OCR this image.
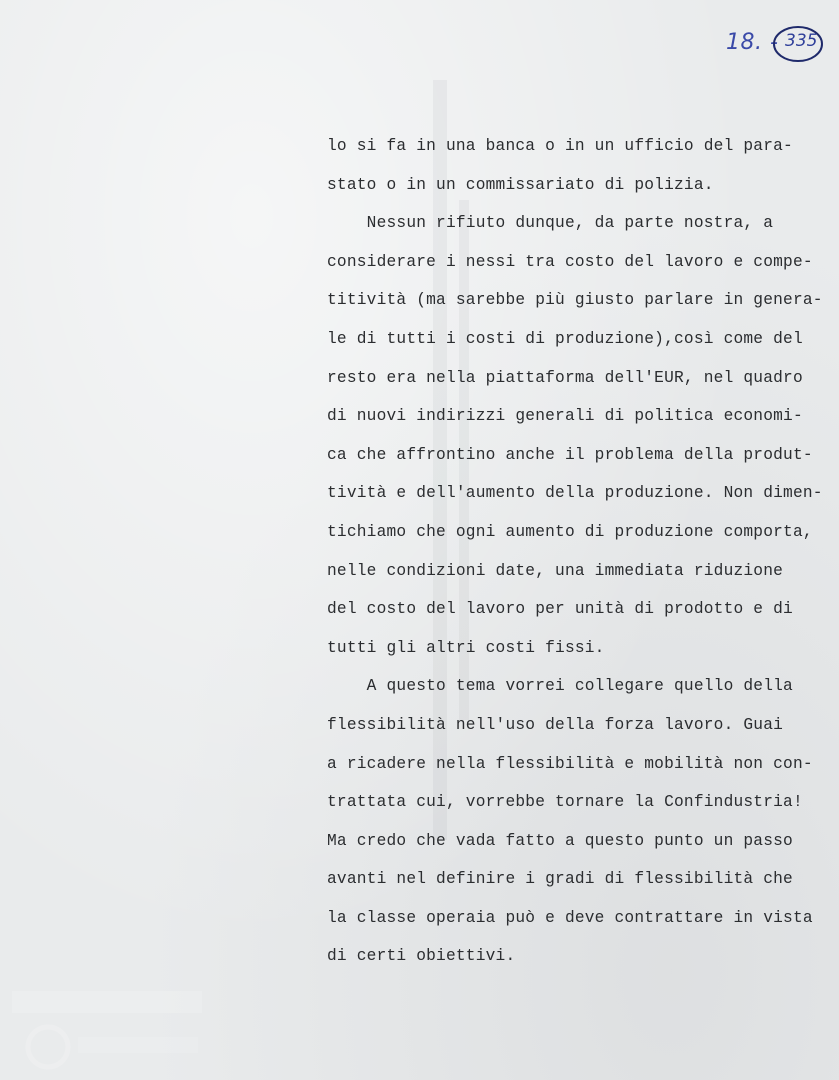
18. - 335
lo si fa in una banca o in un ufficio del para-
stato o in un commissariato di polizia.
Nessun rifiuto dunque, da parte nostra, a
considerare i nessi tra costo del lavoro e compe-
titività (ma sarebbe più giusto parlare in genera-
le di tutti i costi di produzione),così come del
resto era nella piattaforma dell'EUR, nel quadro
di nuovi indirizzi generali di politica economi-
ca che affrontino anche il problema della produt-
tività e dell'aumento della produzione. Non dimen-
tichiamo che ogni aumento di produzione comporta,
nelle condizioni date, una immediata riduzione
del costo del lavoro per unità di prodotto e di
tutti gli altri costi fissi.
A questo tema vorrei collegare quello della
flessibilità nell'uso della forza lavoro. Guai
a ricadere nella flessibilità e mobilità non con-
trattata cui, vorrebbe tornare la Confindustria!
Ma credo che vada fatto a questo punto un passo
avanti nel definire i gradi di flessibilità che
la classe operaia può e deve contrattare in vista
di certi obiettivi.
